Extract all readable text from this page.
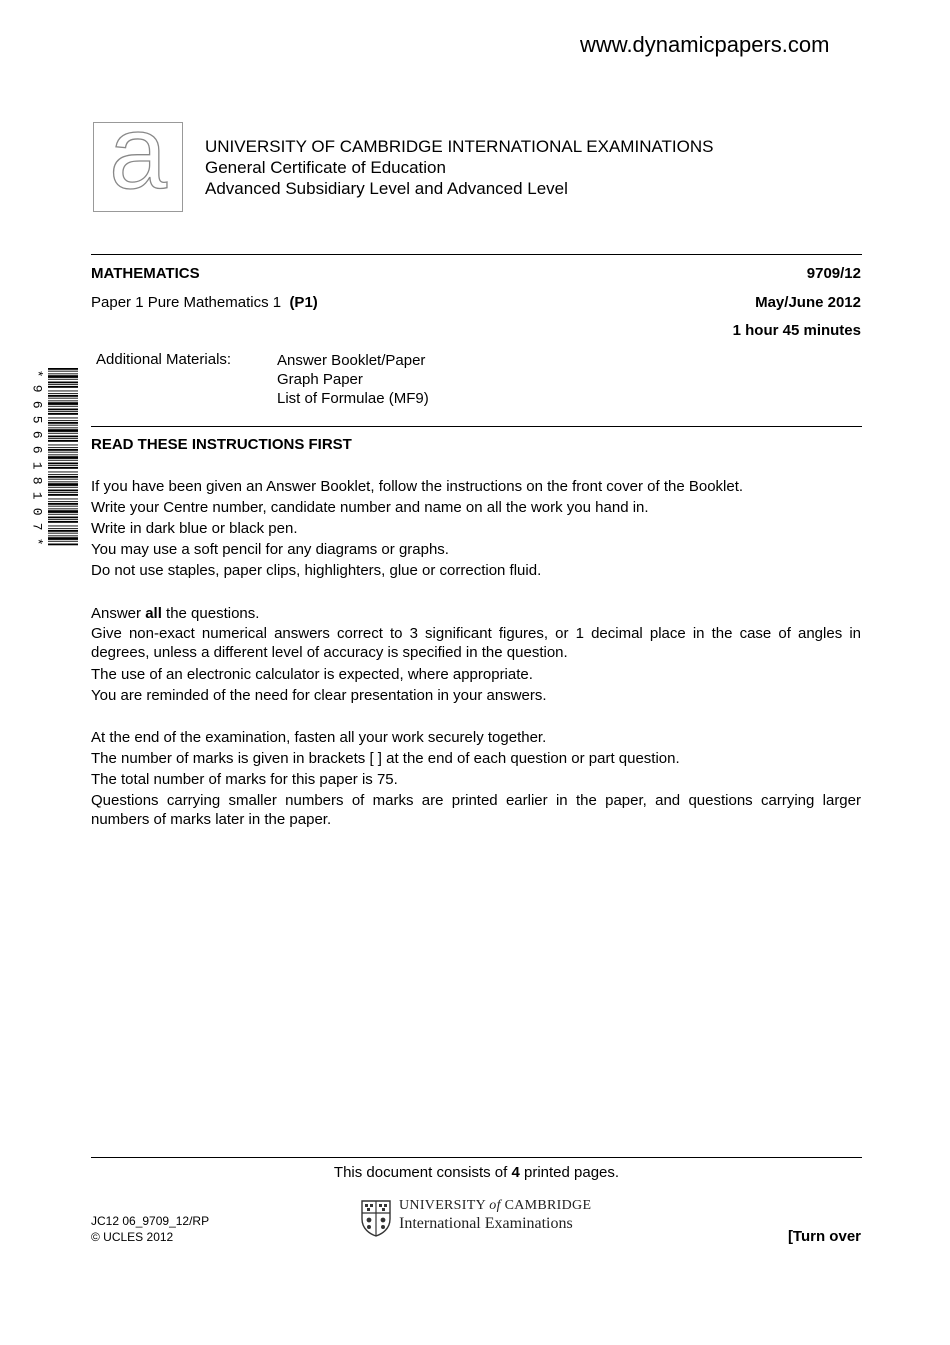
www.dynamicpapers.com
a	UNIVERSITY OF CAMBRIDGE INTERNATIONAL EXAMINATIONS
General Certificate of Education
Advanced Subsidiary Level and Advanced Level
MATHEMATICS	9709/12
Paper 1 Pure Mathematics 1 (P1)	May/June 2012
1 hour 45 minutes
Additional Materials:	Answer Booklet/Paper
Graph Paper
List of Formulae (MF9)
*
9
6
5
6
6
1
8
1
0
7
*
READ THESE INSTRUCTIONS FIRST

If you have been given an Answer Booklet, follow the instructions on the front cover of the Booklet.

Write your Centre number, candidate number and name on all the work you hand in.

Write in dark blue or black pen.

You may use a soft pencil for any diagrams or graphs.

Do not use staples, paper clips, highlighters, glue or correction fluid.

Answer all the questions.

Give non-exact numerical answers correct to 3 significant figures, or 1 decimal place in the case of angles in degrees, unless a different level of accuracy is specified in the question.

The use of an electronic calculator is expected, where appropriate.

You are reminded of the need for clear presentation in your answers.

At the end of the examination, fasten all your work securely together.

The number of marks is given in brackets [ ] at the end of each question or part question.

The total number of marks for this paper is 75.

Questions carrying smaller numbers of marks are printed earlier in the paper, and questions carrying larger numbers of marks later in the paper.

This document consists of 4 printed pages.
JC12 06_9709_12/RP
© UCLES 2012
UNIVERSITY of CAMBRIDGE
International Examinations
[Turn over
